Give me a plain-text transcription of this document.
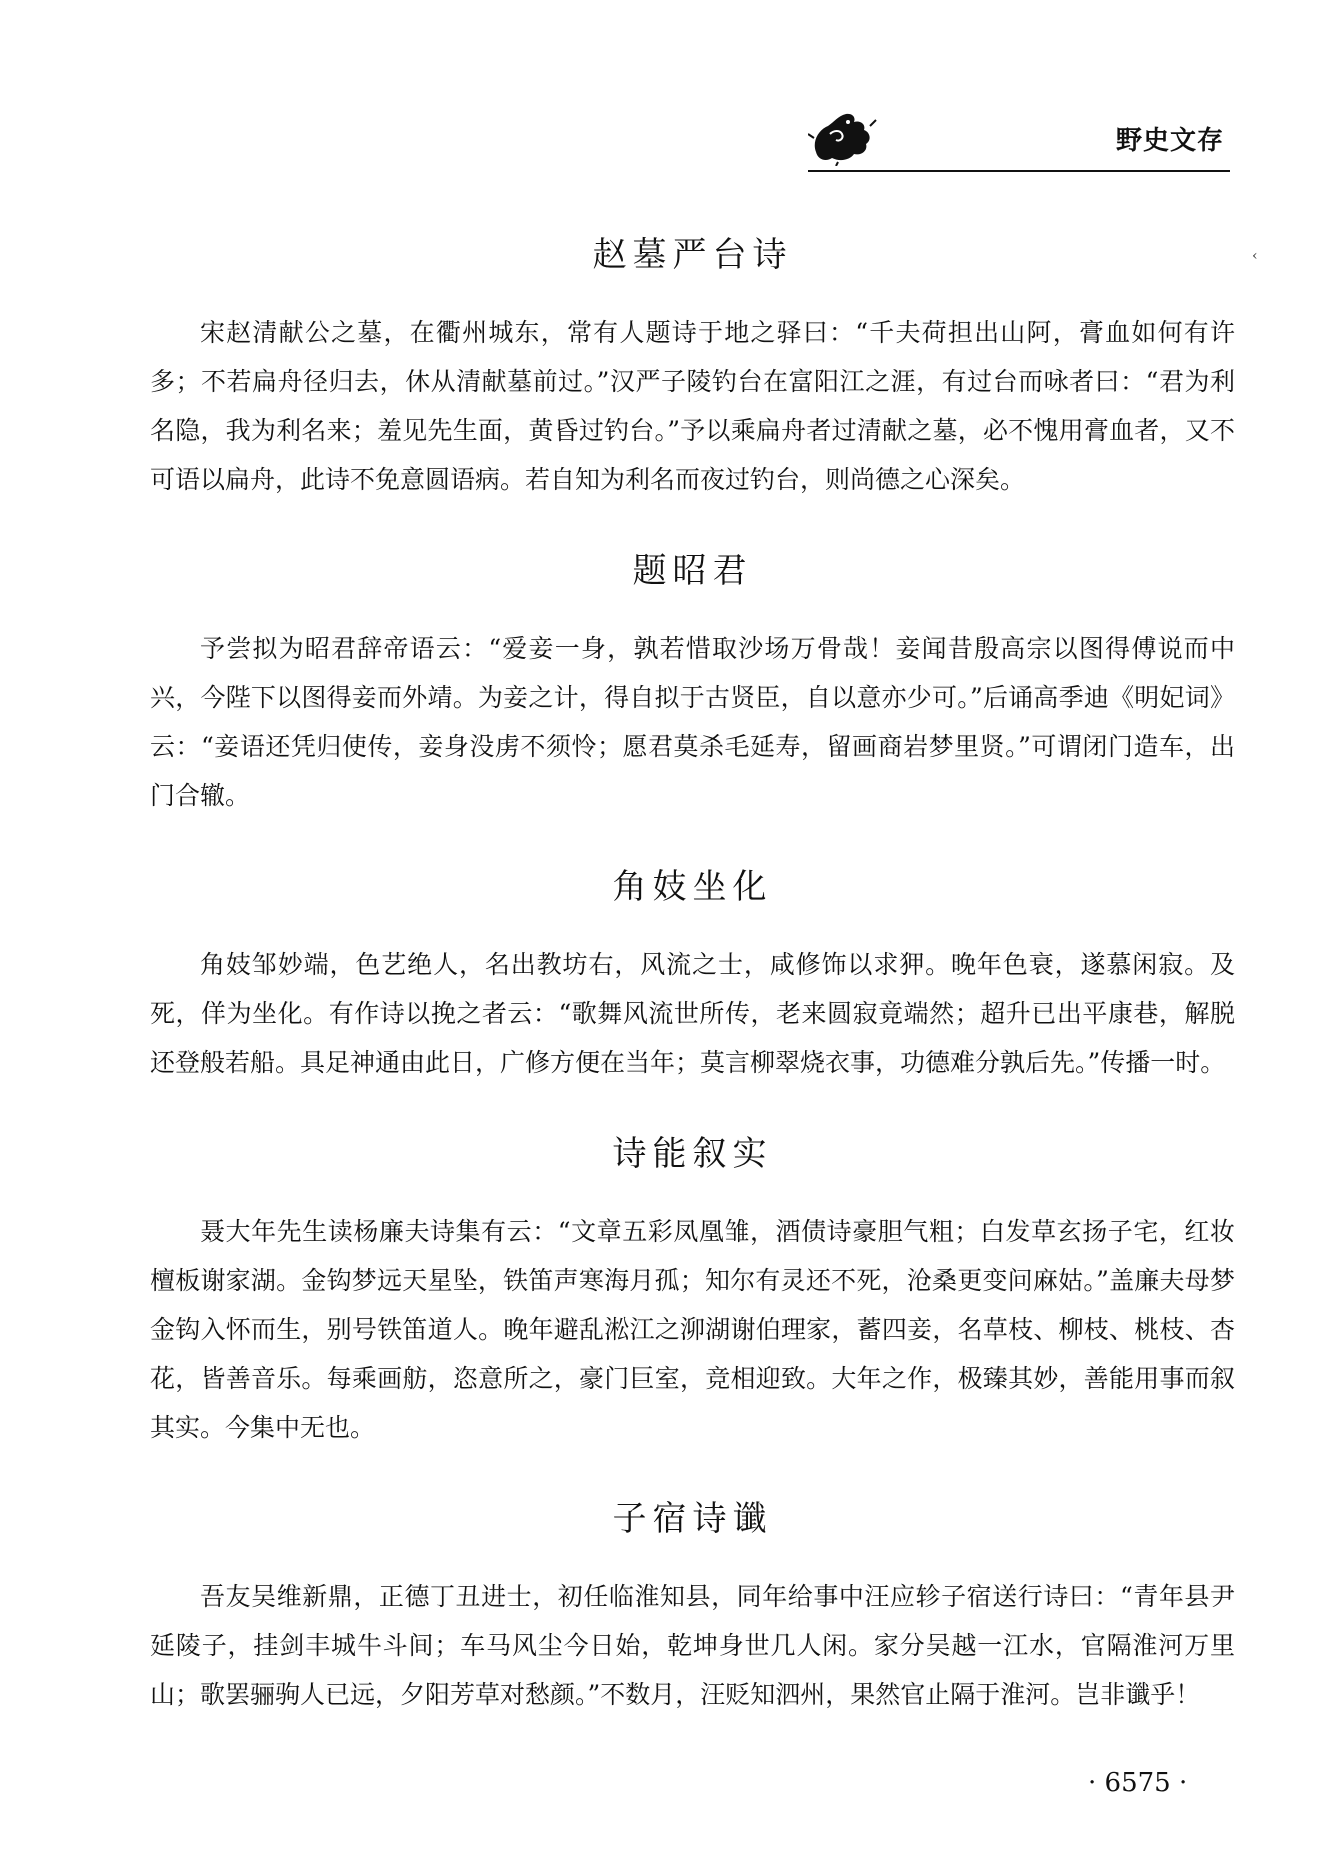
野史文存
‹
赵墓严台诗

宋赵清献公之墓，在衢州城东，常有人题诗于地之驿曰：“千夫荷担出山阿，膏血如何有许多；不若扁舟径归去，休从清献墓前过。”汉严子陵钓台在富阳江之涯，有过台而咏者曰：“君为利名隐，我为利名来；羞见先生面，黄昏过钓台。”予以乘扁舟者过清献之墓，必不愧用膏血者，又不可语以扁舟，此诗不免意圆语病。若自知为利名而夜过钓台，则尚德之心深矣。

题昭君

予尝拟为昭君辞帝语云：“爱妾一身，孰若惜取沙场万骨哉！妾闻昔殷高宗以图得傅说而中兴，今陛下以图得妾而外靖。为妾之计，得自拟于古贤臣，自以意亦少可。”后诵高季迪《明妃词》云：“妾语还凭归使传，妾身没虏不须怜；愿君莫杀毛延寿，留画商岩梦里贤。”可谓闭门造车，出门合辙。

角妓坐化

角妓邹妙端，色艺绝人，名出教坊右，风流之士，咸修饰以求狎。晚年色衰，遂慕闲寂。及死，佯为坐化。有作诗以挽之者云：“歌舞风流世所传，老来圆寂竟端然；超升已出平康巷，解脱还登般若船。具足神通由此日，广修方便在当年；莫言柳翠烧衣事，功德难分孰后先。”传播一时。

诗能叙实

聂大年先生读杨廉夫诗集有云：“文章五彩凤凰雏，酒债诗豪胆气粗；白发草玄扬子宅，红妆檀板谢家湖。金钩梦远天星坠，铁笛声寒海月孤；知尔有灵还不死，沧桑更变问麻姑。”盖廉夫母梦金钩入怀而生，别号铁笛道人。晚年避乱淞江之泖湖谢伯理家，蓄四妾，名草枝、柳枝、桃枝、杏花，皆善音乐。每乘画舫，恣意所之，豪门巨室，竞相迎致。大年之作，极臻其妙，善能用事而叙其实。今集中无也。

子宿诗谶

吾友吴维新鼎，正德丁丑进士，初任临淮知县，同年给事中汪应轸子宿送行诗曰：“青年县尹延陵子，挂剑丰城牛斗间；车马风尘今日始，乾坤身世几人闲。家分吴越一江水，官隔淮河万里山；歌罢骊驹人已远，夕阳芳草对愁颜。”不数月，汪贬知泗州，果然官止隔于淮河。岂非谶乎！

· 6575 ·
